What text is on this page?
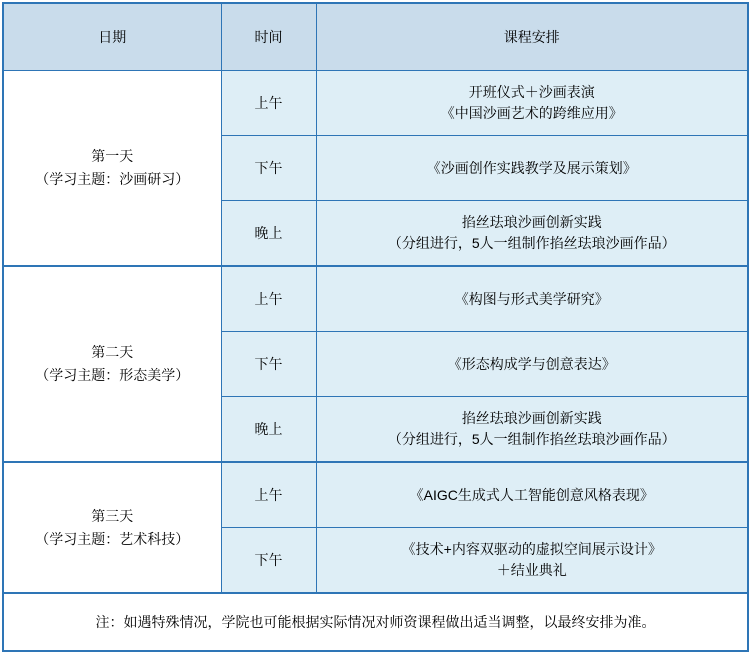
日期	时间	课程安排

第一天
（学习主题：沙画研习）	上午	开班仪式＋沙画表演
《中国沙画艺术的跨维应用》

	下午	《沙画创作实践教学及展示策划》

	晚上	掐丝珐琅沙画创新实践
（分组进行，5人一组制作掐丝珐琅沙画作品）

第二天
（学习主题：形态美学）	上午	《构图与形式美学研究》

	下午	《形态构成学与创意表达》

	晚上	掐丝珐琅沙画创新实践
（分组进行，5人一组制作掐丝珐琅沙画作品）

第三天
（学习主题：艺术科技）	上午	《AIGC生成式人工智能创意风格表现》

	下午	《技术+内容双驱动的虚拟空间展示设计》
＋结业典礼

注：如遇特殊情况，学院也可能根据实际情况对师资课程做出适当调整，以最终安排为准。		
